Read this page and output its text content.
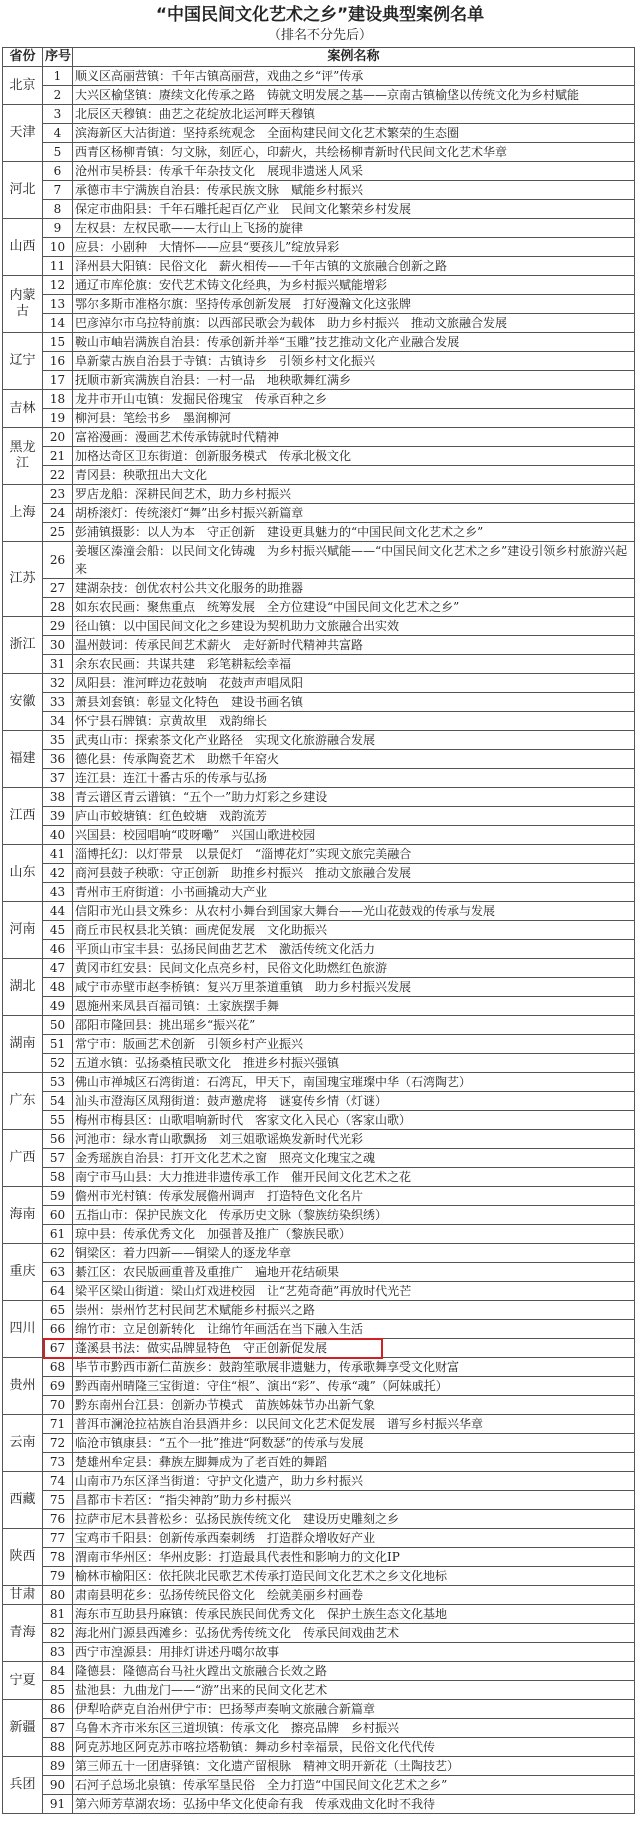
“中国民间文化艺术之乡”建设典型案例名单
（排名不分先后）
省份	序号	案例名称
北京	1	顺义区高丽营镇：千年古镇高丽营，戏曲之乡“评”传承
	2	大兴区榆垡镇：赓续文化传承之路　铸就文明发展之基——京南古镇榆垡以传统文化为乡村赋能
天津	3	北辰区天穆镇：曲艺之花绽放北运河畔天穆镇
	4	滨海新区大沽街道：坚持系统观念　全面构建民间文化艺术繁荣的生态圈
	5	西青区杨柳青镇：匀文脉，刻匠心，印薪火，共绘杨柳青新时代民间文化艺术华章
河北	6	沧州市吴桥县：传承千年杂技文化　展现非遗迷人风采
	7	承德市丰宁满族自治县：传承民族文脉　赋能乡村振兴
	8	保定市曲阳县：千年石雕托起百亿产业　民间文化繁荣乡村发展
山西	9	左权县：左权民歌——太行山上飞扬的旋律
	10	应县：小剧种　大情怀——应县“要孩儿”绽放异彩
	11	泽州县大阳镇：民俗文化　薪火相传——千年古镇的文旅融合创新之路
内蒙古	12	通辽市库伦旗：安代艺术铸文化经典，为乡村振兴赋能增彩
	13	鄂尔多斯市准格尔旗：坚持传承创新发展　打好漫瀚文化这张牌
	14	巴彦淖尔市乌拉特前旗：以西部民歌会为载体　助力乡村振兴　推动文旅融合发展
辽宁	15	鞍山市岫岩满族自治县：传承创新并举“玉雕”技艺推动文化产业融合发展
	16	阜新蒙古族自治县于寺镇：古镇诗乡　引领乡村文化振兴
	17	抚顺市新宾满族自治县：一村一品　地秧歌舞红满乡
吉林	18	龙井市开山屯镇：发掘民俗瑰宝　传承百种之乡
	19	柳河县：笔绘书乡　墨润柳河
黑龙江	20	富裕漫画：漫画艺术传承铸就时代精神
	21	加格达奇区卫东街道：创新服务模式　传承北极文化
	22	青冈县：秧歌扭出大文化
上海	23	罗店龙船：深耕民间艺术，助力乡村振兴
	24	胡桥滚灯：传统滚灯“舞”出乡村振兴新篇章
	25	彭浦镇摄影：以人为本　守正创新　建设更具魅力的“中国民间文化艺术之乡”
江苏	26	姜堰区溱潼会船：以民间文化铸魂　为乡村振兴赋能——“中国民间文化艺术之乡”建设引领乡村旅游兴起来
	27	建湖杂技：创优农村公共文化服务的助推器
	28	如东农民画：聚焦重点　统筹发展　全方位建设“中国民间文化艺术之乡”
浙江	29	径山镇：以中国民间文化之乡建设为契机助力文旅融合出实效
	30	温州鼓词：传承民间艺术薪火　走好新时代精神共富路
	31	余东农民画：共谋共建　彩笔耕耘绘幸福
安徽	32	凤阳县：淮河畔边花鼓响　花鼓声声唱凤阳
	33	萧县刘套镇：彰显文化特色　建设书画名镇
	34	怀宁县石牌镇：京黄故里　戏韵绵长
福建	35	武夷山市：探索茶文化产业路径　实现文化旅游融合发展
	36	德化县：传承陶瓷艺术　助燃千年窑火
	37	连江县：连江十番古乐的传承与弘扬
江西	38	青云谱区青云谱镇：“五个一”助力灯彩之乡建设
	39	庐山市蛟塘镇：红色蛟塘　戏韵流芳
	40	兴国县：校园唱响“哎呀嘞”　兴国山歌进校园
山东	41	淄博托幻：以灯带景　以景促灯　“淄博花灯”实现文旅完美融合
	42	商河县鼓子秧歌：守正创新　助推乡村振兴　推动文旅融合发展
	43	青州市王府街道：小书画撬动大产业
河南	44	信阳市光山县文殊乡：从农村小舞台到国家大舞台——光山花鼓戏的传承与发展
	45	商丘市民权县北关镇：画虎促发展　文化助振兴
	46	平顶山市宝丰县：弘扬民间曲艺艺术　激活传统文化活力
湖北	47	黄冈市红安县：民间文化点亮乡村，民俗文化助燃红色旅游
	48	咸宁市赤壁市赵李桥镇：复兴万里茶道重镇　助力乡村振兴发展
	49	恩施州来凤县百福司镇：土家族摆手舞
湖南	50	邵阳市隆回县：挑出瑶乡“振兴花”
	51	常宁市：版画艺术创新　引领乡村产业振兴
	52	五道水镇：弘扬桑植民歌文化　推进乡村振兴强镇
广东	53	佛山市禅城区石湾街道：石湾瓦，甲天下，南国瑰宝璀璨中华（石湾陶艺）
	54	汕头市澄海区凤翔街道：鼓声邀虎将　谜宴传乡情（灯谜）
	55	梅州市梅县区：山歌唱响新时代　客家文化入民心（客家山歌）
广西	56	河池市：绿水青山歌飘扬　刘三姐歌谣焕发新时代光彩
	57	金秀瑶族自治县：打开文化艺术之窗　照亮文化瑰宝之魂
	58	南宁市马山县：大力推进非遗传承工作　催开民间文化艺术之花
海南	59	儋州市光村镇：传承发展儋州调声　打造特色文化名片
	60	五指山市：保护民族文化　传承历史文脉（黎族纺染织绣）
	61	琼中县：传承优秀文化　加强普及推广（黎族民歌）
重庆	62	铜梁区：着力四新——铜梁人的逐龙华章
	63	綦江区：农民版画重普及重推广　遍地开花结硕果
	64	梁平区梁山街道：梁山灯戏进校园　让“艺苑奇葩”再放时代光芒
四川	65	崇州：崇州竹艺村民间艺术赋能乡村振兴之路
	66	绵竹市：立足创新转化　让绵竹年画活在当下融入生活
	67	蓬溪县书法：做实品牌显特色　守正创新促发展
贵州	68	毕节市黔西市新仁苗族乡：鼓韵笙歌展非遗魅力，传承歌舞享受文化财富
	69	黔西南州晴隆三宝街道：守住“根”、演出“彩”、传承“魂”（阿妹戚托）
	70	黔东南州台江县：创新办节模式　苗族姊妹节办出新气象
云南	71	普洱市澜沧拉祜族自治县酒井乡：以民间文化艺术促发展　谱写乡村振兴华章
	72	临沧市镇康县：“五个一批”推进“阿数瑟”的传承与发展
	73	楚雄州牟定县：彝族左脚舞成为了老百姓的舞蹈
西藏	74	山南市乃东区泽当街道：守护文化遗产，助力乡村振兴
	75	昌都市卡若区：“指尖神韵”助力乡村振兴
	76	拉萨市尼木县普松乡：弘扬民族传统文化　建设历史雕刻之乡
陕西	77	宝鸡市千阳县：创新传承西秦刺绣　打造群众增收好产业
	78	渭南市华州区：华州皮影：打造最具代表性和影响力的文化IP
	79	榆林市榆阳区：依托陕北民歌艺术传承打造民间文化艺术之乡文化地标
甘肃	80	肃南县明花乡：弘扬传统民俗文化　绘就美丽乡村画卷
青海	81	海东市互助县丹麻镇：传承民族民间优秀文化　保护土族生态文化基地
	82	海北州门源县西滩乡：弘扬优秀传统文化　传承民间戏曲艺术
	83	西宁市湟源县：用排灯讲述丹噶尔故事
宁夏	84	隆德县：隆德高台马社火蹚出文旅融合长效之路
	85	盐池县：九曲龙门——“游”出来的民间文化艺术
新疆	86	伊犁哈萨克自治州伊宁市：巴扬琴声奏响文旅融合新篇章
	87	乌鲁木齐市米东区三道坝镇：传承文化　擦亮品牌　乡村振兴
	88	阿克苏地区阿克苏市喀拉塔勒镇：舞动乡村幸福景，民俗文化代代传
兵团	89	第三师五十一团唐驿镇：文化遗产留根脉　精神文明开新花（土陶技艺）
	90	石河子总场北泉镇：传承军垦民俗　全力打造“中国民间文化艺术之乡”
	91	第六师芳草湖农场：弘扬中华文化使命有我　传承戏曲文化时不我待
